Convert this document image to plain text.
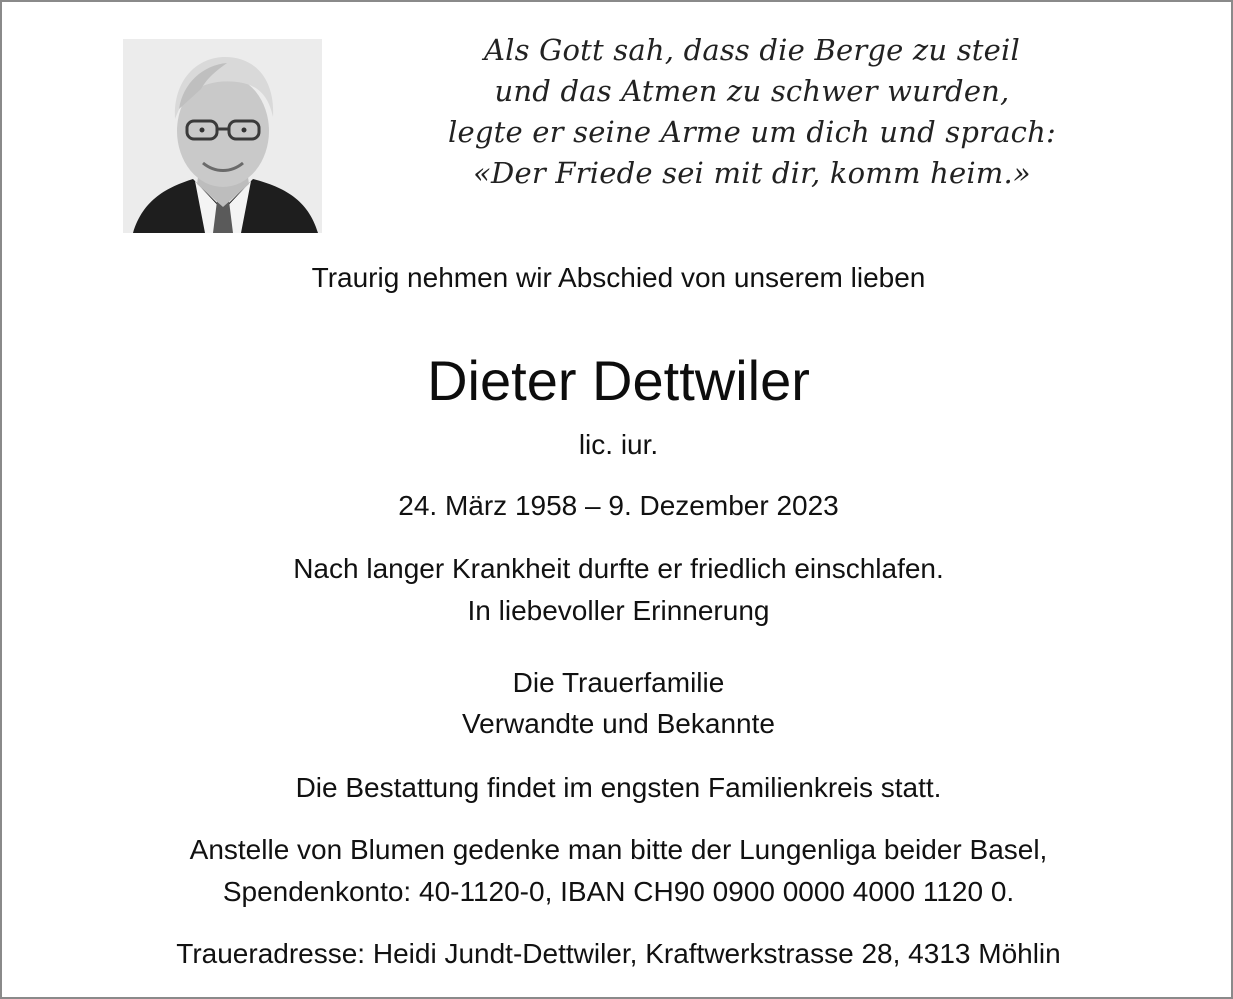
Als Gott sah, dass die Berge zu steil
und das Atmen zu schwer wurden,
legte er seine Arme um dich und sprach:
«Der Friede sei mit dir, komm heim.»
Traurig nehmen wir Abschied von unserem lieben
Dieter Dettwiler
lic. iur.
24. März 1958 – 9. Dezember 2023
Nach langer Krankheit durfte er friedlich einschlafen.
In liebevoller Erinnerung
Die Trauerfamilie
Verwandte und Bekannte
Die Bestattung findet im engsten Familienkreis statt.
Anstelle von Blumen gedenke man bitte der Lungenliga beider Basel,
Spendenkonto: 40-1120-0, IBAN CH90 0900 0000 4000 1120 0.
Traueradresse: Heidi Jundt-Dettwiler, Kraftwerkstrasse 28, 4313 Möhlin
